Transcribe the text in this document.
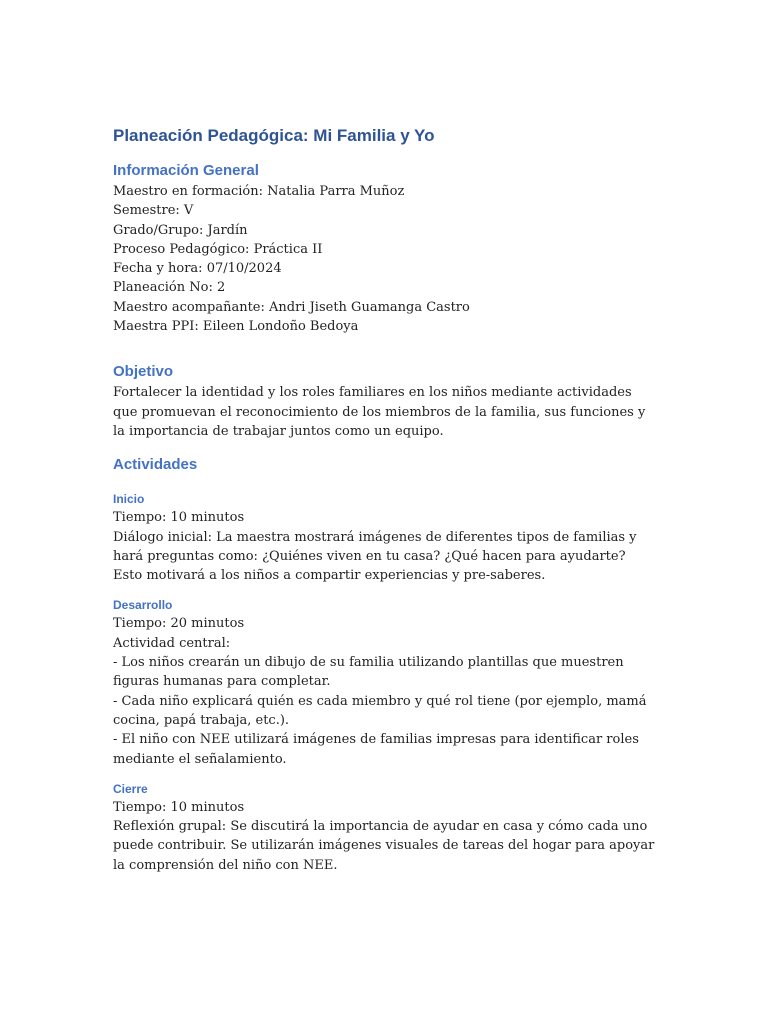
Planeación Pedagógica: Mi Familia y Yo
Información General

Maestro en formación: Natalia Parra Muñoz

Semestre: V

Grado/Grupo: Jardín

Proceso Pedagógico: Práctica II

Fecha y hora: 07/10/2024

Planeación No: 2

Maestro acompañante: Andri Jiseth Guamanga Castro

Maestra PPI: Eileen Londoño Bedoya

Objetivo

Fortalecer la identidad y los roles familiares en los niños mediante actividades que promuevan el reconocimiento de los miembros de la familia, sus funciones y la importancia de trabajar juntos como un equipo.

Actividades
Inicio

Tiempo: 10 minutos

Diálogo inicial: La maestra mostrará imágenes de diferentes tipos de familias y hará preguntas como: ¿Quiénes viven en tu casa? ¿Qué hacen para ayudarte? Esto motivará a los niños a compartir experiencias y pre-saberes.

Desarrollo

Tiempo: 20 minutos

Actividad central:

- Los niños crearán un dibujo de su familia utilizando plantillas que muestren figuras humanas para completar.

- Cada niño explicará quién es cada miembro y qué rol tiene (por ejemplo, mamá cocina, papá trabaja, etc.).

- El niño con NEE utilizará imágenes de familias impresas para identificar roles mediante el señalamiento.

Cierre

Tiempo: 10 minutos

Reflexión grupal: Se discutirá la importancia de ayudar en casa y cómo cada uno puede contribuir. Se utilizarán imágenes visuales de tareas del hogar para apoyar la comprensión del niño con NEE.
